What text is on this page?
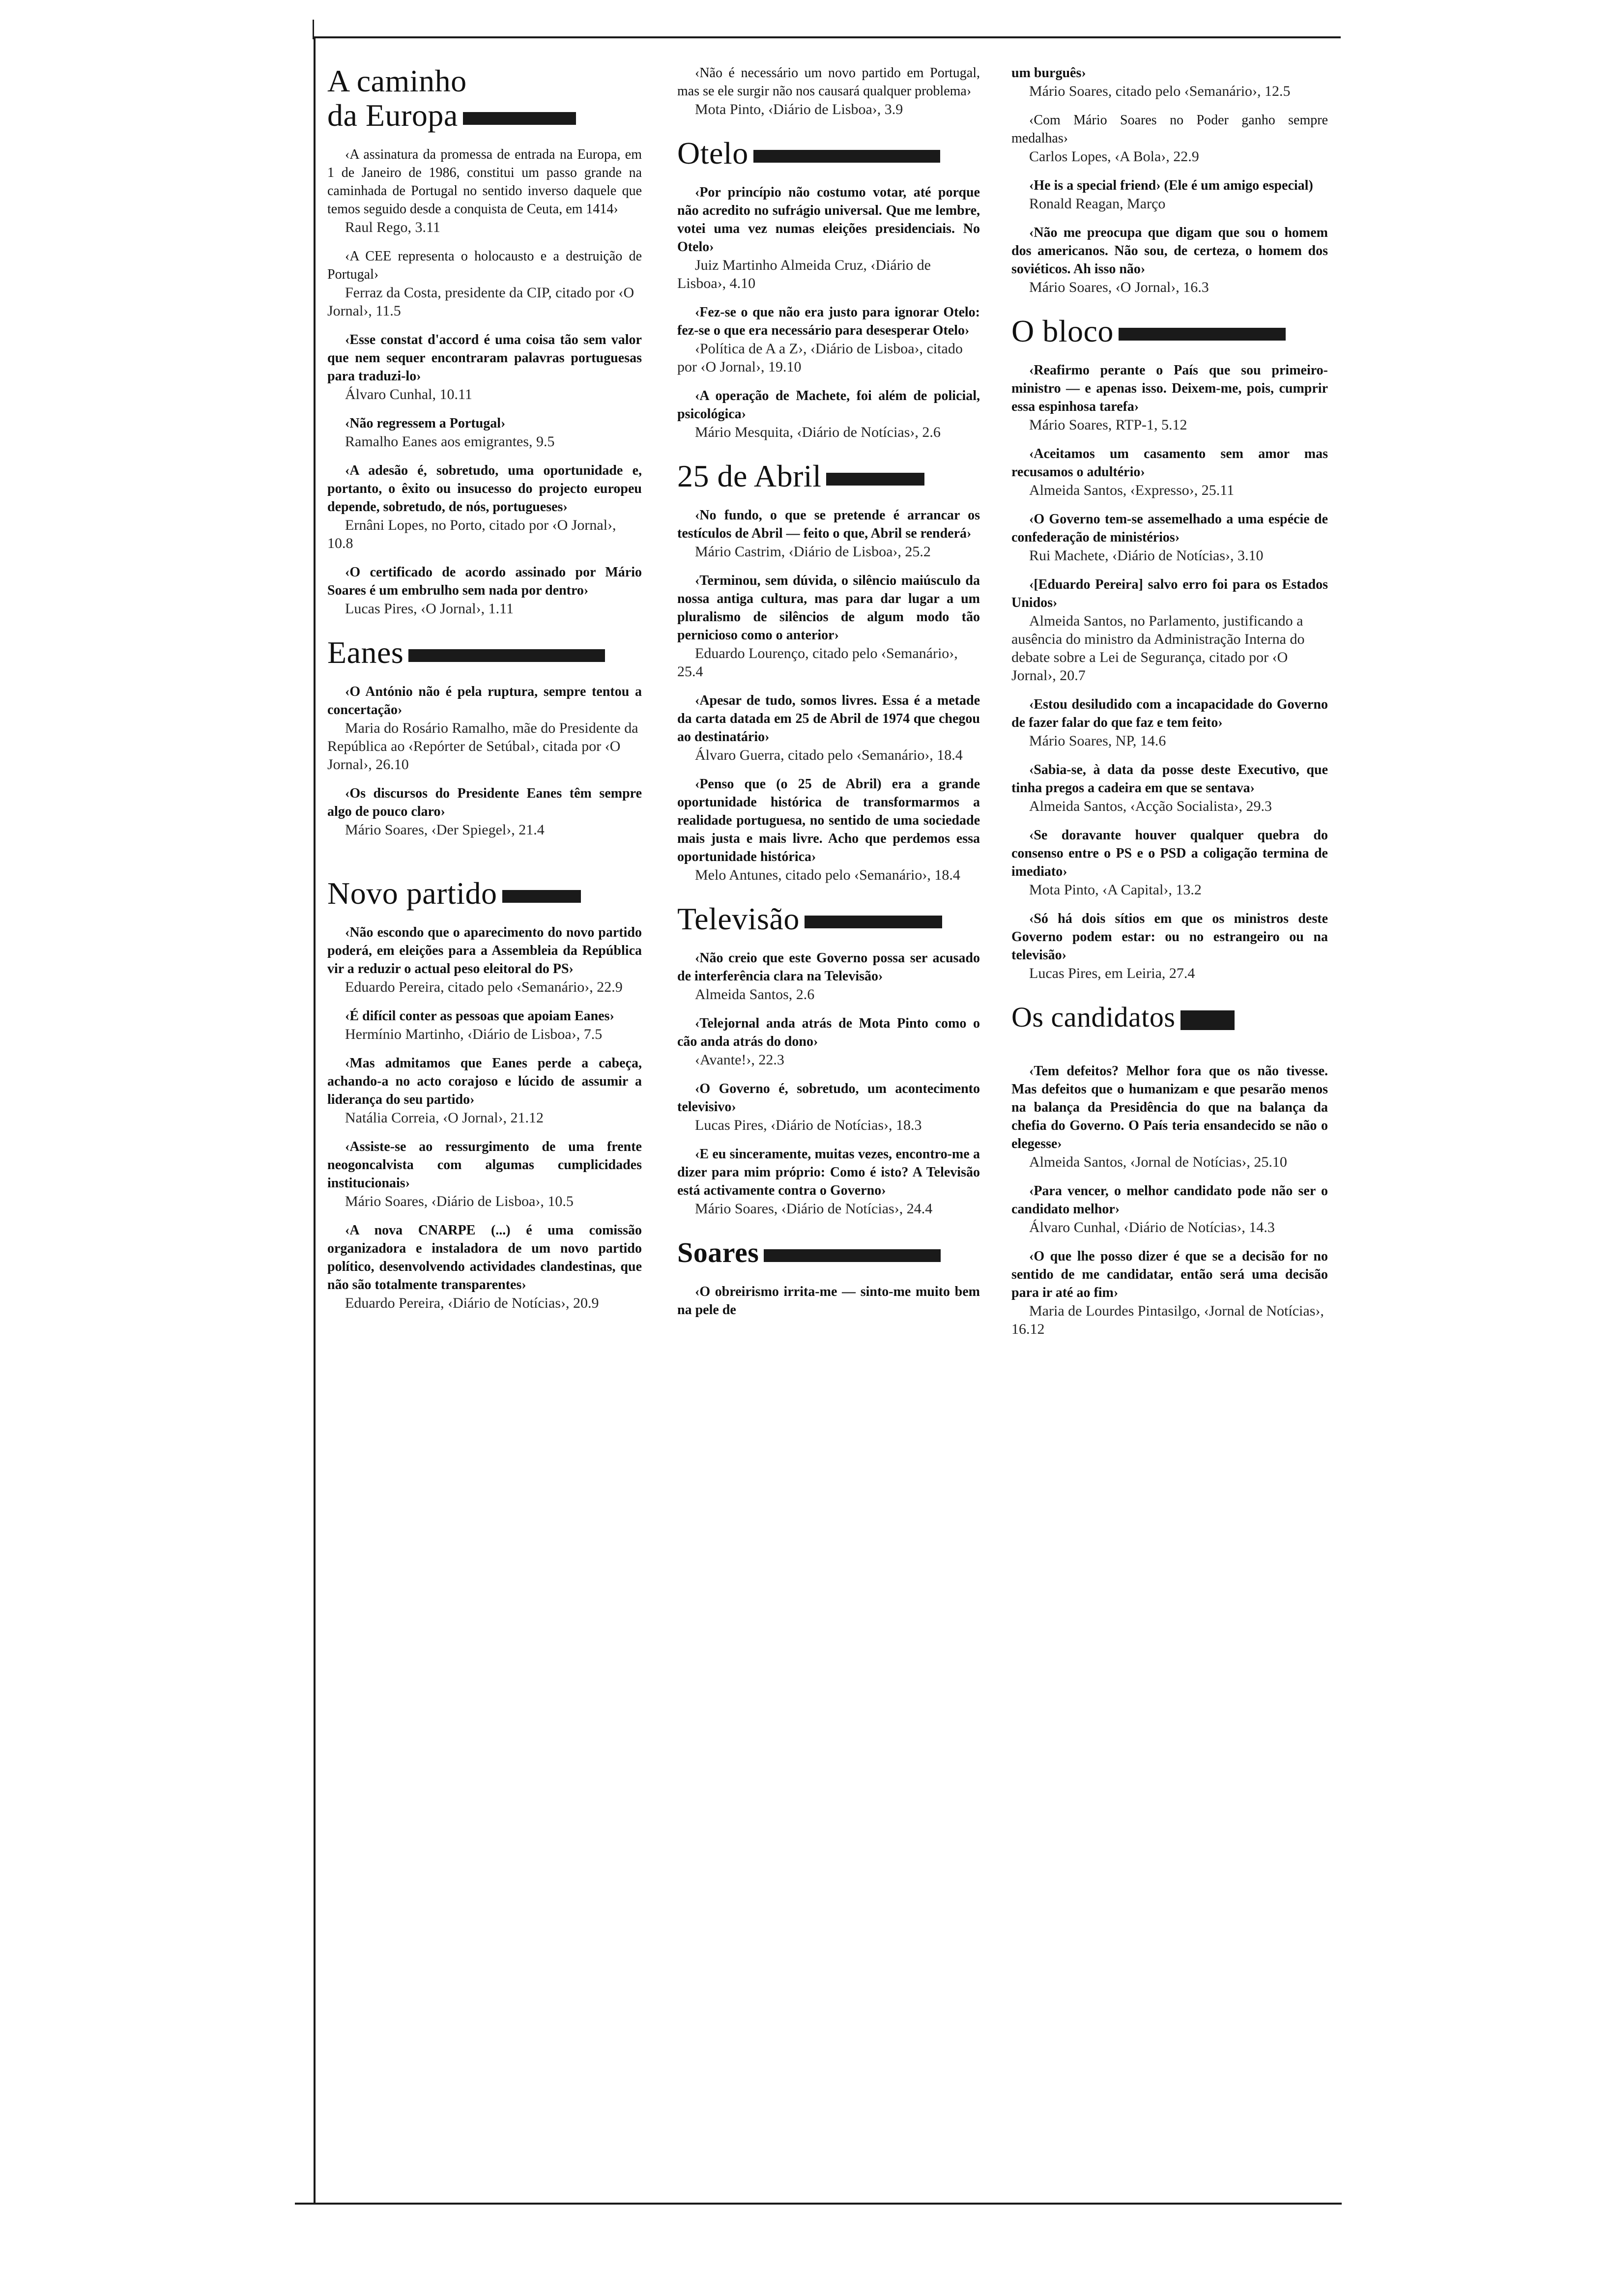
A caminho
da Europa

‹A assinatura da promessa de entrada na Europa, em 1 de Janeiro de 1986, constitui um passo grande na caminhada de Portugal no sentido inverso daquele que temos seguido desde a conquista de Ceuta, em 1414›

Raul Rego, 3.11

‹A CEE representa o holocausto e a destruição de Portugal›

Ferraz da Costa, presidente da CIP, citado por ‹O Jornal›, 11.5

‹Esse constat d'accord é uma coisa tão sem valor que nem sequer encontraram palavras portuguesas para traduzi-lo›

Álvaro Cunhal, 10.11

‹Não regressem a Portugal›

Ramalho Eanes aos emigrantes, 9.5

‹A adesão é, sobretudo, uma oportunidade e, portanto, o êxito ou insucesso do projecto europeu depende, sobretudo, de nós, portugueses›

Ernâni Lopes, no Porto, citado por ‹O Jornal›, 10.8

‹O certificado de acordo assinado por Mário Soares é um embrulho sem nada por dentro›

Lucas Pires, ‹O Jornal›, 1.11

Eanes

‹O António não é pela ruptura, sempre tentou a concertação›

Maria do Rosário Ramalho, mãe do Presidente da República ao ‹Repórter de Setúbal›, citada por ‹O Jornal›, 26.10

‹Os discursos do Presidente Eanes têm sempre algo de pouco claro›

Mário Soares, ‹Der Spiegel›, 21.4

Novo partido

‹Não escondo que o aparecimento do novo partido poderá, em eleições para a Assembleia da República vir a reduzir o actual peso eleitoral do PS›

Eduardo Pereira, citado pelo ‹Semanário›, 22.9

‹É difícil conter as pessoas que apoiam Eanes›

Hermínio Martinho, ‹Diário de Lisboa›, 7.5

‹Mas admitamos que Eanes perde a cabeça, achando-a no acto corajoso e lúcido de assumir a liderança do seu partido›

Natália Correia, ‹O Jornal›, 21.12

‹Assiste-se ao ressurgimento de uma frente neogoncalvista com algumas cumplicidades institucionais›

Mário Soares, ‹Diário de Lisboa›, 10.5

‹A nova CNARPE (...) é uma comissão organizadora e instaladora de um novo partido político, desenvolvendo actividades clandestinas, que não são totalmente transparentes›

Eduardo Pereira, ‹Diário de Notícias›, 20.9

‹Não é necessário um novo partido em Portugal, mas se ele surgir não nos causará qualquer problema›

Mota Pinto, ‹Diário de Lisboa›, 3.9

Otelo

‹Por princípio não costumo votar, até porque não acredito no sufrágio universal. Que me lembre, votei uma vez numas eleições presidenciais. No Otelo›

Juiz Martinho Almeida Cruz, ‹Diário de Lisboa›, 4.10

‹Fez-se o que não era justo para ignorar Otelo: fez-se o que era necessário para desesperar Otelo›

‹Política de A a Z›, ‹Diário de Lisboa›, citado por ‹O Jornal›, 19.10

‹A operação de Machete, foi além de policial, psicológica›

Mário Mesquita, ‹Diário de Notícias›, 2.6

25 de Abril

‹No fundo, o que se pretende é arrancar os testículos de Abril — feito o que, Abril se renderá›

Mário Castrim, ‹Diário de Lisboa›, 25.2

‹Terminou, sem dúvida, o silêncio maiúsculo da nossa antiga cultura, mas para dar lugar a um pluralismo de silêncios de algum modo tão pernicioso como o anterior›

Eduardo Lourenço, citado pelo ‹Semanário›, 25.4

‹Apesar de tudo, somos livres. Essa é a metade da carta datada em 25 de Abril de 1974 que chegou ao destinatário›

Álvaro Guerra, citado pelo ‹Semanário›, 18.4

‹Penso que (o 25 de Abril) era a grande oportunidade histórica de transformarmos a realidade portuguesa, no sentido de uma sociedade mais justa e mais livre. Acho que perdemos essa oportunidade histórica›

Melo Antunes, citado pelo ‹Semanário›, 18.4

Televisão

‹Não creio que este Governo possa ser acusado de interferência clara na Televisão›

Almeida Santos, 2.6

‹Telejornal anda atrás de Mota Pinto como o cão anda atrás do dono›

‹Avante!›, 22.3

‹O Governo é, sobretudo, um acontecimento televisivo›

Lucas Pires, ‹Diário de Notícias›, 18.3

‹E eu sinceramente, muitas vezes, encontro-me a dizer para mim próprio: Como é isto? A Televisão está activamente contra o Governo›

Mário Soares, ‹Diário de Notícias›, 24.4

Soares

‹O obreirismo irrita-me — sinto-me muito bem na pele de

um burguês›

Mário Soares, citado pelo ‹Semanário›, 12.5

‹Com Mário Soares no Poder ganho sempre medalhas›

Carlos Lopes, ‹A Bola›, 22.9

‹He is a special friend› (Ele é um amigo especial)

Ronald Reagan, Março

‹Não me preocupa que digam que sou o homem dos americanos. Não sou, de certeza, o homem dos soviéticos. Ah isso não›

Mário Soares, ‹O Jornal›, 16.3

O bloco

‹Reafirmo perante o País que sou primeiro-ministro — e apenas isso. Deixem-me, pois, cumprir essa espinhosa tarefa›

Mário Soares, RTP-1, 5.12

‹Aceitamos um casamento sem amor mas recusamos o adultério›

Almeida Santos, ‹Expresso›, 25.11

‹O Governo tem-se assemelhado a uma espécie de confederação de ministérios›

Rui Machete, ‹Diário de Notícias›, 3.10

‹[Eduardo Pereira] salvo erro foi para os Estados Unidos›

Almeida Santos, no Parlamento, justificando a ausência do ministro da Administração Interna do debate sobre a Lei de Segurança, citado por ‹O Jornal›, 20.7

‹Estou desiludido com a incapacidade do Governo de fazer falar do que faz e tem feito›

Mário Soares, NP, 14.6

‹Sabia-se, à data da posse deste Executivo, que tinha pregos a cadeira em que se sentava›

Almeida Santos, ‹Acção Socialista›, 29.3

‹Se doravante houver qualquer quebra do consenso entre o PS e o PSD a coligação termina de imediato›

Mota Pinto, ‹A Capital›, 13.2

‹Só há dois sítios em que os ministros deste Governo podem estar: ou no estrangeiro ou na televisão›

Lucas Pires, em Leiria, 27.4

Os candidatos

‹Tem defeitos? Melhor fora que os não tivesse. Mas defeitos que o humanizam e que pesarão menos na balança da Presidência do que na balança da chefia do Governo. O País teria ensandecido se não o elegesse›

Almeida Santos, ‹Jornal de Notícias›, 25.10

‹Para vencer, o melhor candidato pode não ser o candidato melhor›

Álvaro Cunhal, ‹Diário de Notícias›, 14.3

‹O que lhe posso dizer é que se a decisão for no sentido de me candidatar, então será uma decisão para ir até ao fim›

Maria de Lourdes Pintasilgo, ‹Jornal de Notícias›, 16.12
